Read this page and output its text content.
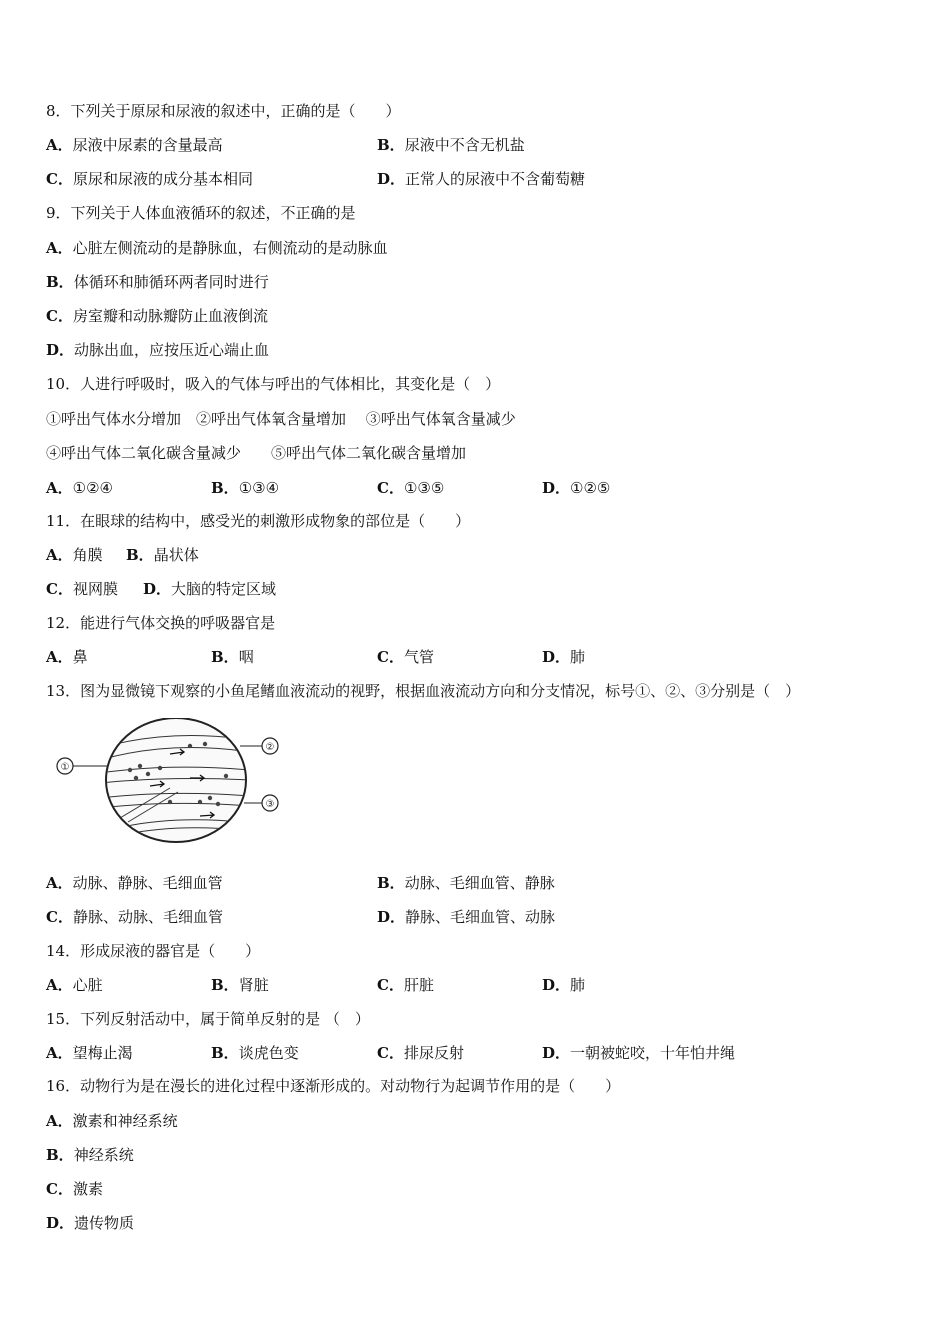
8．下列关于原尿和尿液的叙述中，正确的是（　　）
A．尿液中尿素的含量最高	B．尿液中不含无机盐
C．原尿和尿液的成分基本相同	D．正常人的尿液中不含葡萄糖
9．下列关于人体血液循环的叙述，不正确的是
A．心脏左侧流动的是静脉血，右侧流动的是动脉血
B．体循环和肺循环两者同时进行
C．房室瓣和动脉瓣防止血液倒流
D．动脉出血，应按压近心端止血
10．人进行呼吸时，吸入的气体与呼出的气体相比，其变化是（　）
①呼出气体水分增加　②呼出气体氧含量增加　 ③呼出气体氧含量减少
④呼出气体二氧化碳含量减少　　⑤呼出气体二氧化碳含量增加
A．①②④	B．①③④	C．①③⑤	D．①②⑤
11．在眼球的结构中，感受光的刺激形成物象的部位是（　　）
A．角膜 B．晶状体
C．视网膜 D．大脑的特定区域
12．能进行气体交换的呼吸器官是
A．鼻	B．咽	C．气管	D．肺
13．图为显微镜下观察的小鱼尾鳍血液流动的视野，根据血液流动方向和分支情况，标号①、②、③分别是（　）
①
②
③
A．动脉、静脉、毛细血管	B．动脉、毛细血管、静脉
C．静脉、动脉、毛细血管	D．静脉、毛细血管、动脉
14．形成尿液的器官是（　　）
A．心脏	B．肾脏	C．肝脏	D．肺
15．下列反射活动中，属于简单反射的是 （　）
A．望梅止渴	B．谈虎色变	C．排尿反射	D．一朝被蛇咬，十年怕井绳
16．动物行为是在漫长的进化过程中逐渐形成的。对动物行为起调节作用的是（　　）
A．激素和神经系统
B．神经系统
C．激素
D．遗传物质
